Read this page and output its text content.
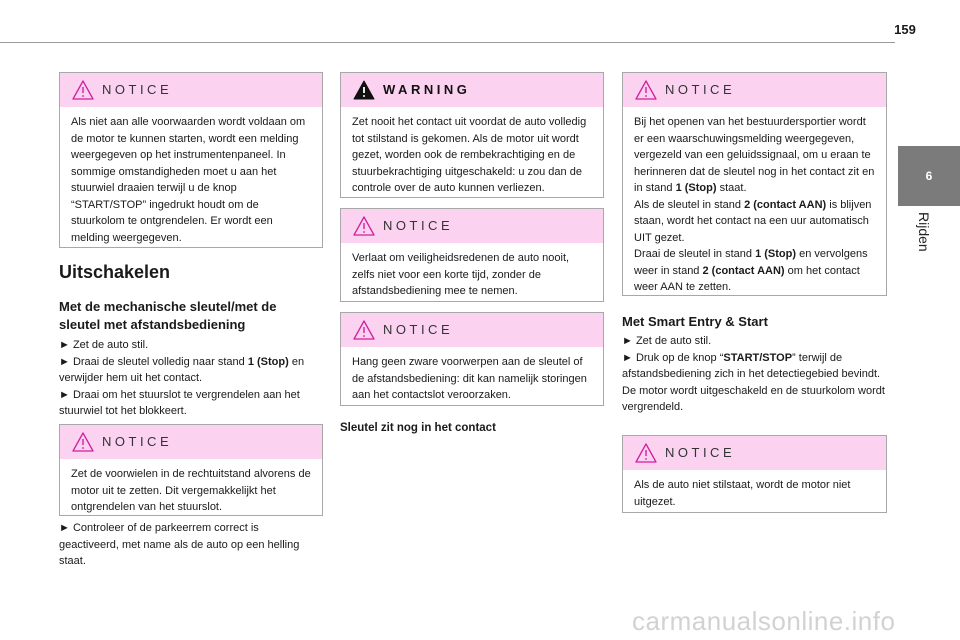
159
6
Rijden
NOTICE
Als niet aan alle voorwaarden wordt voldaan om de motor te kunnen starten, wordt een melding weergegeven op het instrumentenpaneel. In sommige omstandigheden moet u aan het stuurwiel draaien terwijl u de knop “START/STOP” ingedrukt houdt om de stuurkolom te ontgrendelen. Er wordt een melding weergegeven.
Uitschakelen
Met de mechanische sleutel/met de sleutel met afstandsbediening
► Zet de auto stil.
► Draai de sleutel volledig naar stand 1 (Stop) en verwijder hem uit het contact.
► Draai om het stuurslot te vergrendelen aan het stuurwiel tot het blokkeert.
NOTICE
Zet de voorwielen in de rechtuitstand alvorens de motor uit te zetten. Dit vergemakkelijkt het ontgrendelen van het stuurslot.
► Controleer of de parkeerrem correct is geactiveerd, met name als de auto op een helling staat.
WARNING
Zet nooit het contact uit voordat de auto volledig tot stilstand is gekomen. Als de motor uit wordt gezet, worden ook de rembekrachtiging en de stuurbekrachtiging uitgeschakeld: u zou dan de controle over de auto kunnen verliezen.
NOTICE
Verlaat om veiligheidsredenen de auto nooit, zelfs niet voor een korte tijd, zonder de afstandsbediening mee te nemen.
NOTICE
Hang geen zware voorwerpen aan de sleutel of de afstandsbediening: dit kan namelijk storingen aan het contactslot veroorzaken.
Sleutel zit nog in het contact
NOTICE
Bij het openen van het bestuurdersportier wordt er een waarschuwingsmelding weergegeven, vergezeld van een geluidssignaal, om u eraan te herinneren dat de sleutel nog in het contact zit en in stand 1 (Stop) staat.
Als de sleutel in stand 2 (contact AAN) is blijven staan, wordt het contact na een uur automatisch UIT gezet.
Draai de sleutel in stand 1 (Stop) en vervolgens weer in stand 2 (contact AAN) om het contact weer AAN te zetten.
Met Smart Entry & Start
► Zet de auto stil.
► Druk op de knop “START/STOP” terwijl de afstandsbediening zich in het detectiegebied bevindt.
De motor wordt uitgeschakeld en de stuurkolom wordt vergrendeld.
NOTICE
Als de auto niet stilstaat, wordt de motor niet uitgezet.
carmanualsonline.info
